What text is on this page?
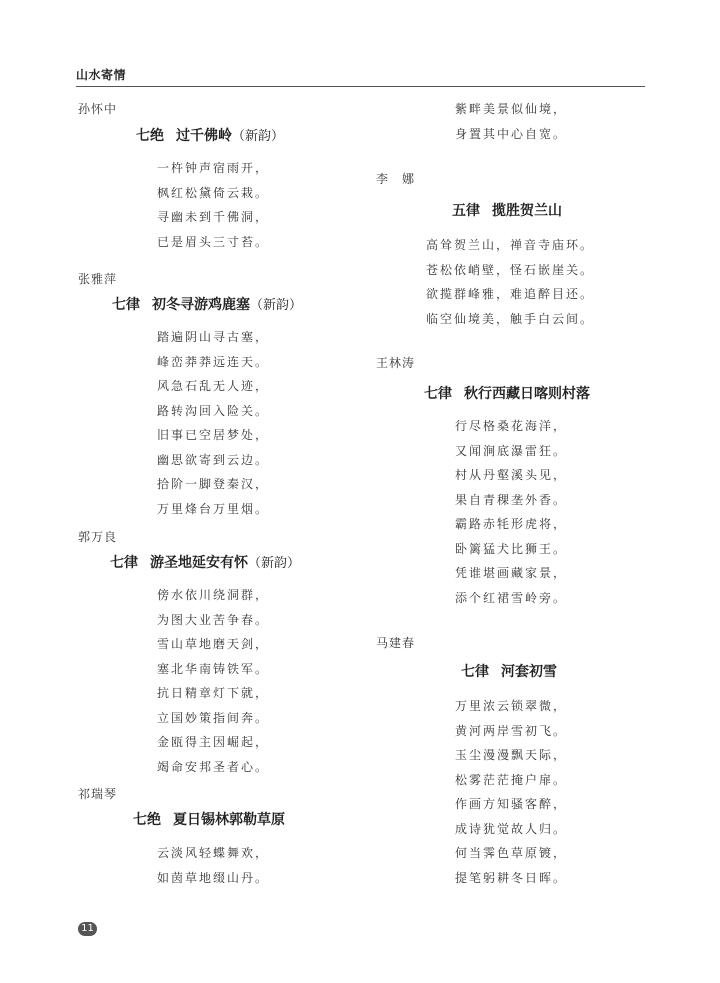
山水寄情
孙怀中
七绝 过千佛岭（新韵）
一杵钟声宿雨开，
枫红松黛倚云栽。
寻幽未到千佛洞，
已是眉头三寸苔。
张雅萍
七律 初冬寻游鸡鹿塞（新韵）
踏遍阴山寻古塞，
峰峦莽莽远连天。
风急石乱无人迹，
路转沟回入险关。
旧事已空居梦处，
幽思欲寄到云边。
拾阶一脚登秦汉，
万里烽台万里烟。
郭万良
七律 游圣地延安有怀（新韵）
傍水依川绕洞群，
为图大业苦争春。
雪山草地磨天剑，
塞北华南铸铁军。
抗日精章灯下就，
立国妙策指间奔。
金瓯得主因崛起，
竭命安邦圣者心。
祁瑞琴
七绝 夏日锡林郭勒草原
云淡风轻蝶舞欢，
如茵草地缀山丹。
紫畔美景似仙境，
身置其中心自宽。
李　娜
五律 揽胜贺兰山
高耸贺兰山，禅音寺庙环。
苍松依峭壁，怪石嵌崖关。
欲揽群峰雅，难追醉目还。
临空仙境美，触手白云间。
王林涛
七律 秋行西藏日喀则村落
行尽格桑花海洋，
又闻涧底瀑雷狂。
村从丹壑溪头见，
果自青稞垄外香。
霸路赤牦形虎将，
卧篱猛犬比狮王。
凭谁堪画藏家景，
添个红裙雪岭旁。
马建春
七律 河套初雪
万里浓云锁翠微，
黄河两岸雪初飞。
玉尘漫漫飘天际，
松雾茫茫掩户扉。
作画方知骚客醉，
成诗犹觉故人归。
何当霁色草原镀，
提笔躬耕冬日晖。
11
